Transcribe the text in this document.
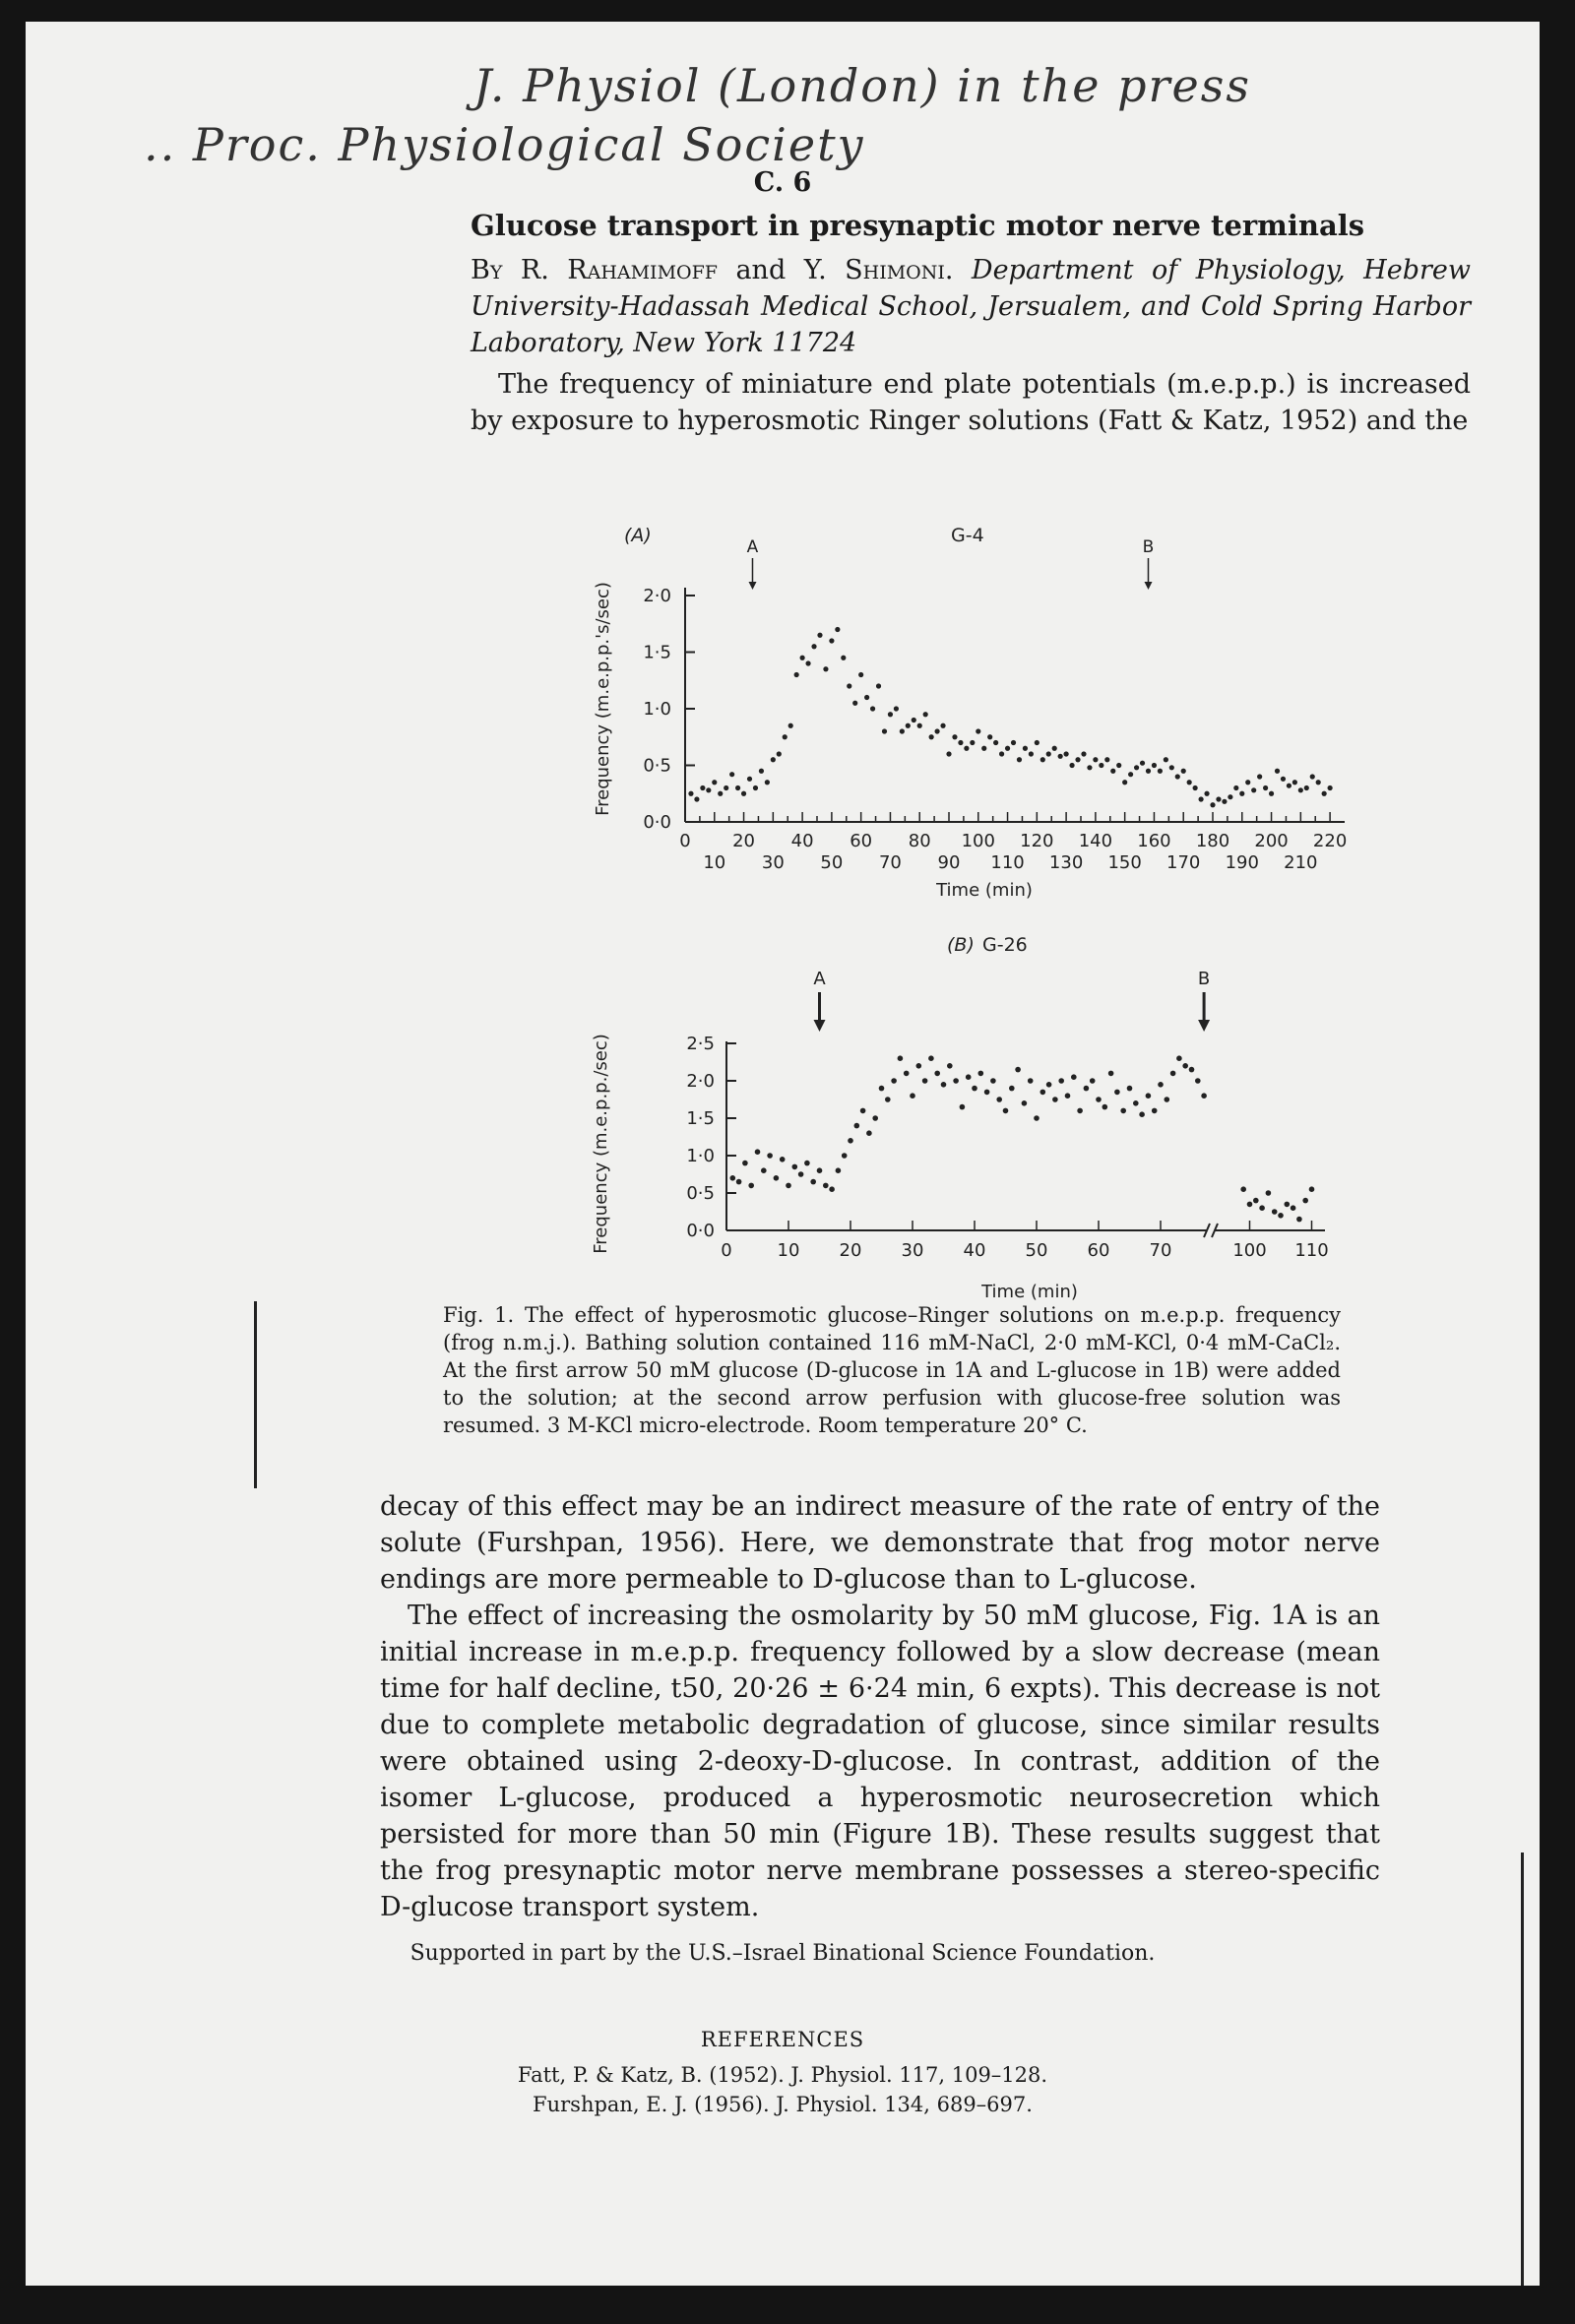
J. Physiol (London) in the press
.. Proc. Physiological Society
C. 6
Glucose transport in presynaptic motor nerve terminals
By R. Rahamimoff and Y. Shimoni. Department of Physiology, Hebrew University-Hadassah Medical School, Jersualem, and Cold Spring Harbor Laboratory, New York 11724
The frequency of miniature end plate potentials (m.e.p.p.) is increased by exposure to hyperosmotic Ringer solutions (Fatt & Katz, 1952) and the
(A)	G-4
0·0
0·5
1·0
1·5
2·0
0 20 40 60 80 100 120 140 160 180 200 220
10 30 50 70 90 110 130 150 170 190 210
A	B
Frequency (m.e.p.p.'s/sec)
Time (min)
(B) G-26
0·0
0·5
1·0
1·5
2·0
2·5
0	10 20 30 40 50 60 70	100 110
A	B
Frequency (m.e.p.p./sec)
Time (min)
Fig. 1. The effect of hyperosmotic glucose–Ringer solutions on m.e.p.p. frequency (frog n.m.j.). Bathing solution contained 116 mM-NaCl, 2·0 mM-KCl, 0·4 mM-CaCl₂. At the first arrow 50 mM glucose (D-glucose in 1A and L-glucose in 1B) were added to the solution; at the second arrow perfusion with glucose-free solution was resumed. 3 M-KCl micro-electrode. Room temperature 20° C.
decay of this effect may be an indirect measure of the rate of entry of the solute (Furshpan, 1956). Here, we demonstrate that frog motor nerve endings are more permeable to D-glucose than to L-glucose.
The effect of increasing the osmolarity by 50 mM glucose, Fig. 1A is an initial increase in m.e.p.p. frequency followed by a slow decrease (mean time for half decline, t50, 20·26 ± 6·24 min, 6 expts). This decrease is not due to complete metabolic degradation of glucose, since similar results were obtained using 2-deoxy-D-glucose. In contrast, addition of the isomer L-glucose, produced a hyperosmotic neurosecretion which persisted for more than 50 min (Figure 1B). These results suggest that the frog presynaptic motor nerve membrane possesses a stereo-specific D-glucose transport system.
Supported in part by the U.S.–Israel Binational Science Foundation.
REFERENCES
Fatt, P. & Katz, B. (1952). J. Physiol. 117, 109–128.
Furshpan, E. J. (1956). J. Physiol. 134, 689–697.
